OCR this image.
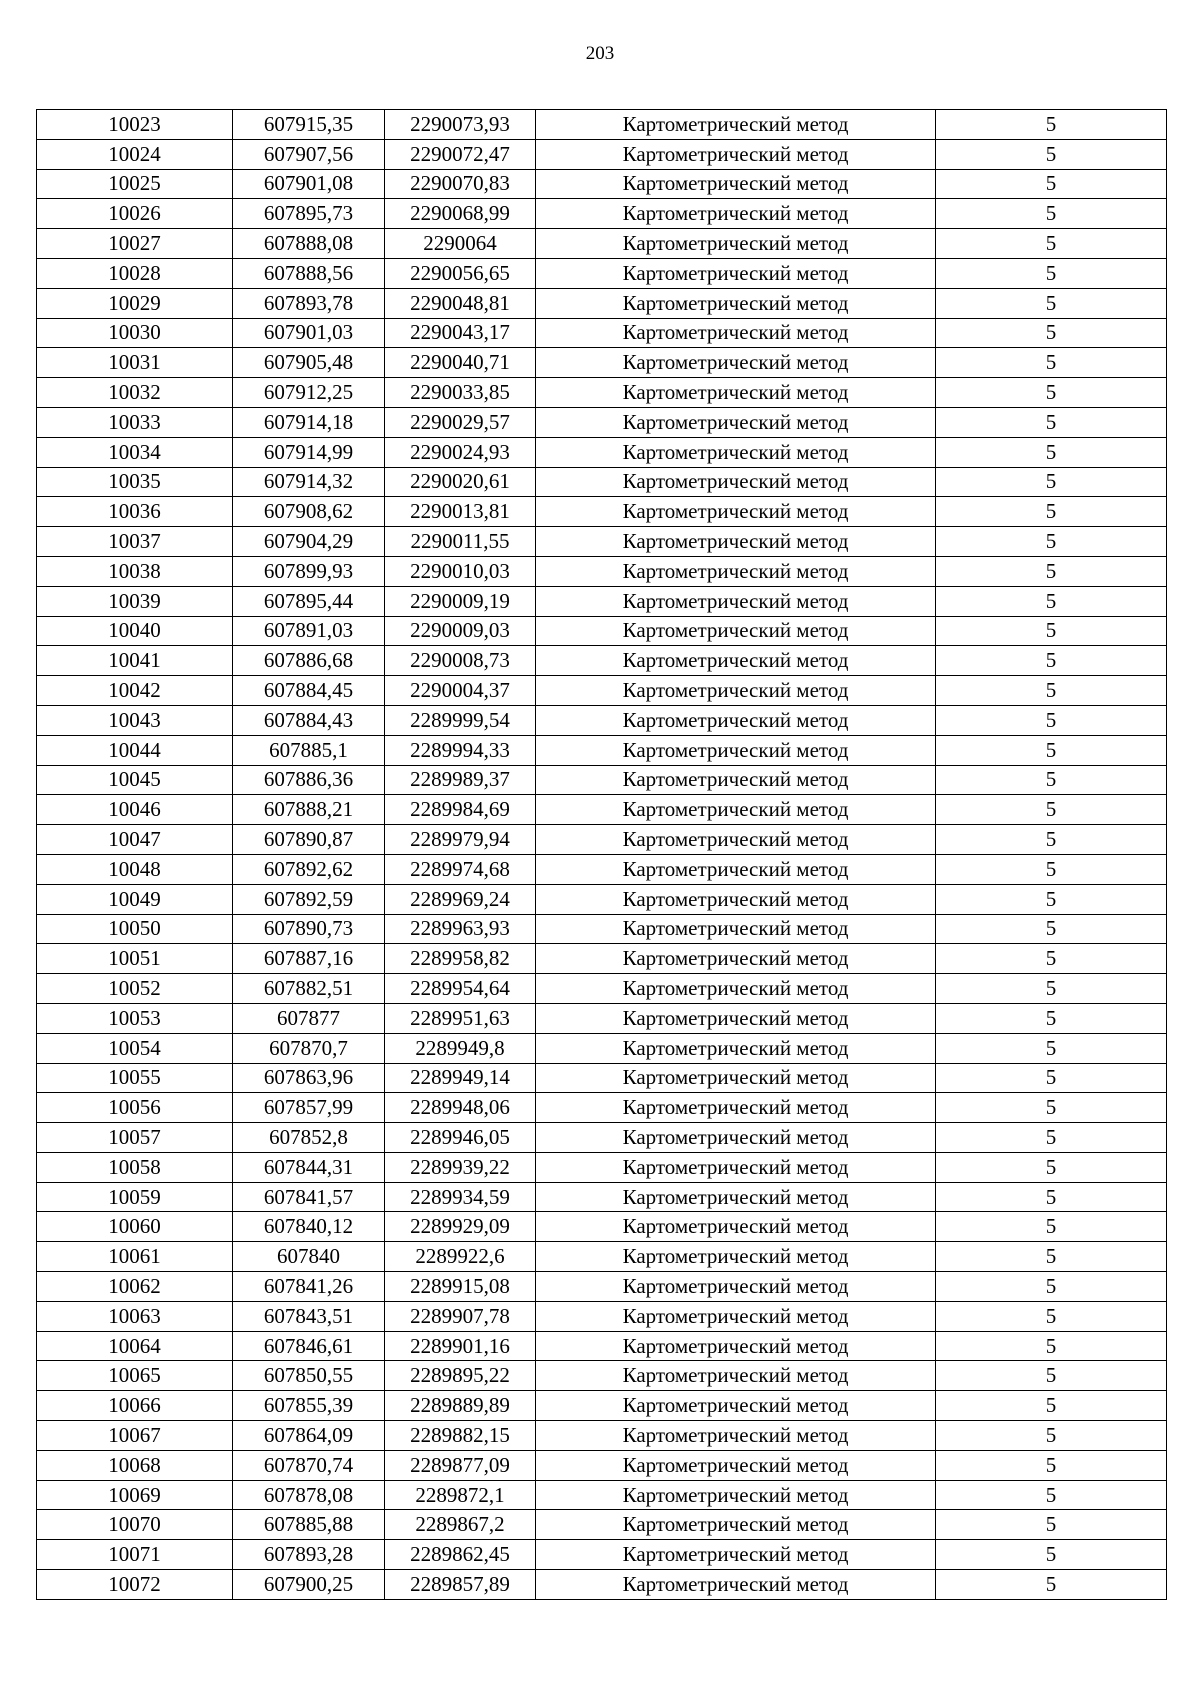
203
10023	607915,35	2290073,93	Картометрический метод	5
10024	607907,56	2290072,47	Картометрический метод	5
10025	607901,08	2290070,83	Картометрический метод	5
10026	607895,73	2290068,99	Картометрический метод	5
10027	607888,08	2290064	Картометрический метод	5
10028	607888,56	2290056,65	Картометрический метод	5
10029	607893,78	2290048,81	Картометрический метод	5
10030	607901,03	2290043,17	Картометрический метод	5
10031	607905,48	2290040,71	Картометрический метод	5
10032	607912,25	2290033,85	Картометрический метод	5
10033	607914,18	2290029,57	Картометрический метод	5
10034	607914,99	2290024,93	Картометрический метод	5
10035	607914,32	2290020,61	Картометрический метод	5
10036	607908,62	2290013,81	Картометрический метод	5
10037	607904,29	2290011,55	Картометрический метод	5
10038	607899,93	2290010,03	Картометрический метод	5
10039	607895,44	2290009,19	Картометрический метод	5
10040	607891,03	2290009,03	Картометрический метод	5
10041	607886,68	2290008,73	Картометрический метод	5
10042	607884,45	2290004,37	Картометрический метод	5
10043	607884,43	2289999,54	Картометрический метод	5
10044	607885,1	2289994,33	Картометрический метод	5
10045	607886,36	2289989,37	Картометрический метод	5
10046	607888,21	2289984,69	Картометрический метод	5
10047	607890,87	2289979,94	Картометрический метод	5
10048	607892,62	2289974,68	Картометрический метод	5
10049	607892,59	2289969,24	Картометрический метод	5
10050	607890,73	2289963,93	Картометрический метод	5
10051	607887,16	2289958,82	Картометрический метод	5
10052	607882,51	2289954,64	Картометрический метод	5
10053	607877	2289951,63	Картометрический метод	5
10054	607870,7	2289949,8	Картометрический метод	5
10055	607863,96	2289949,14	Картометрический метод	5
10056	607857,99	2289948,06	Картометрический метод	5
10057	607852,8	2289946,05	Картометрический метод	5
10058	607844,31	2289939,22	Картометрический метод	5
10059	607841,57	2289934,59	Картометрический метод	5
10060	607840,12	2289929,09	Картометрический метод	5
10061	607840	2289922,6	Картометрический метод	5
10062	607841,26	2289915,08	Картометрический метод	5
10063	607843,51	2289907,78	Картометрический метод	5
10064	607846,61	2289901,16	Картометрический метод	5
10065	607850,55	2289895,22	Картометрический метод	5
10066	607855,39	2289889,89	Картометрический метод	5
10067	607864,09	2289882,15	Картометрический метод	5
10068	607870,74	2289877,09	Картометрический метод	5
10069	607878,08	2289872,1	Картометрический метод	5
10070	607885,88	2289867,2	Картометрический метод	5
10071	607893,28	2289862,45	Картометрический метод	5
10072	607900,25	2289857,89	Картометрический метод	5
